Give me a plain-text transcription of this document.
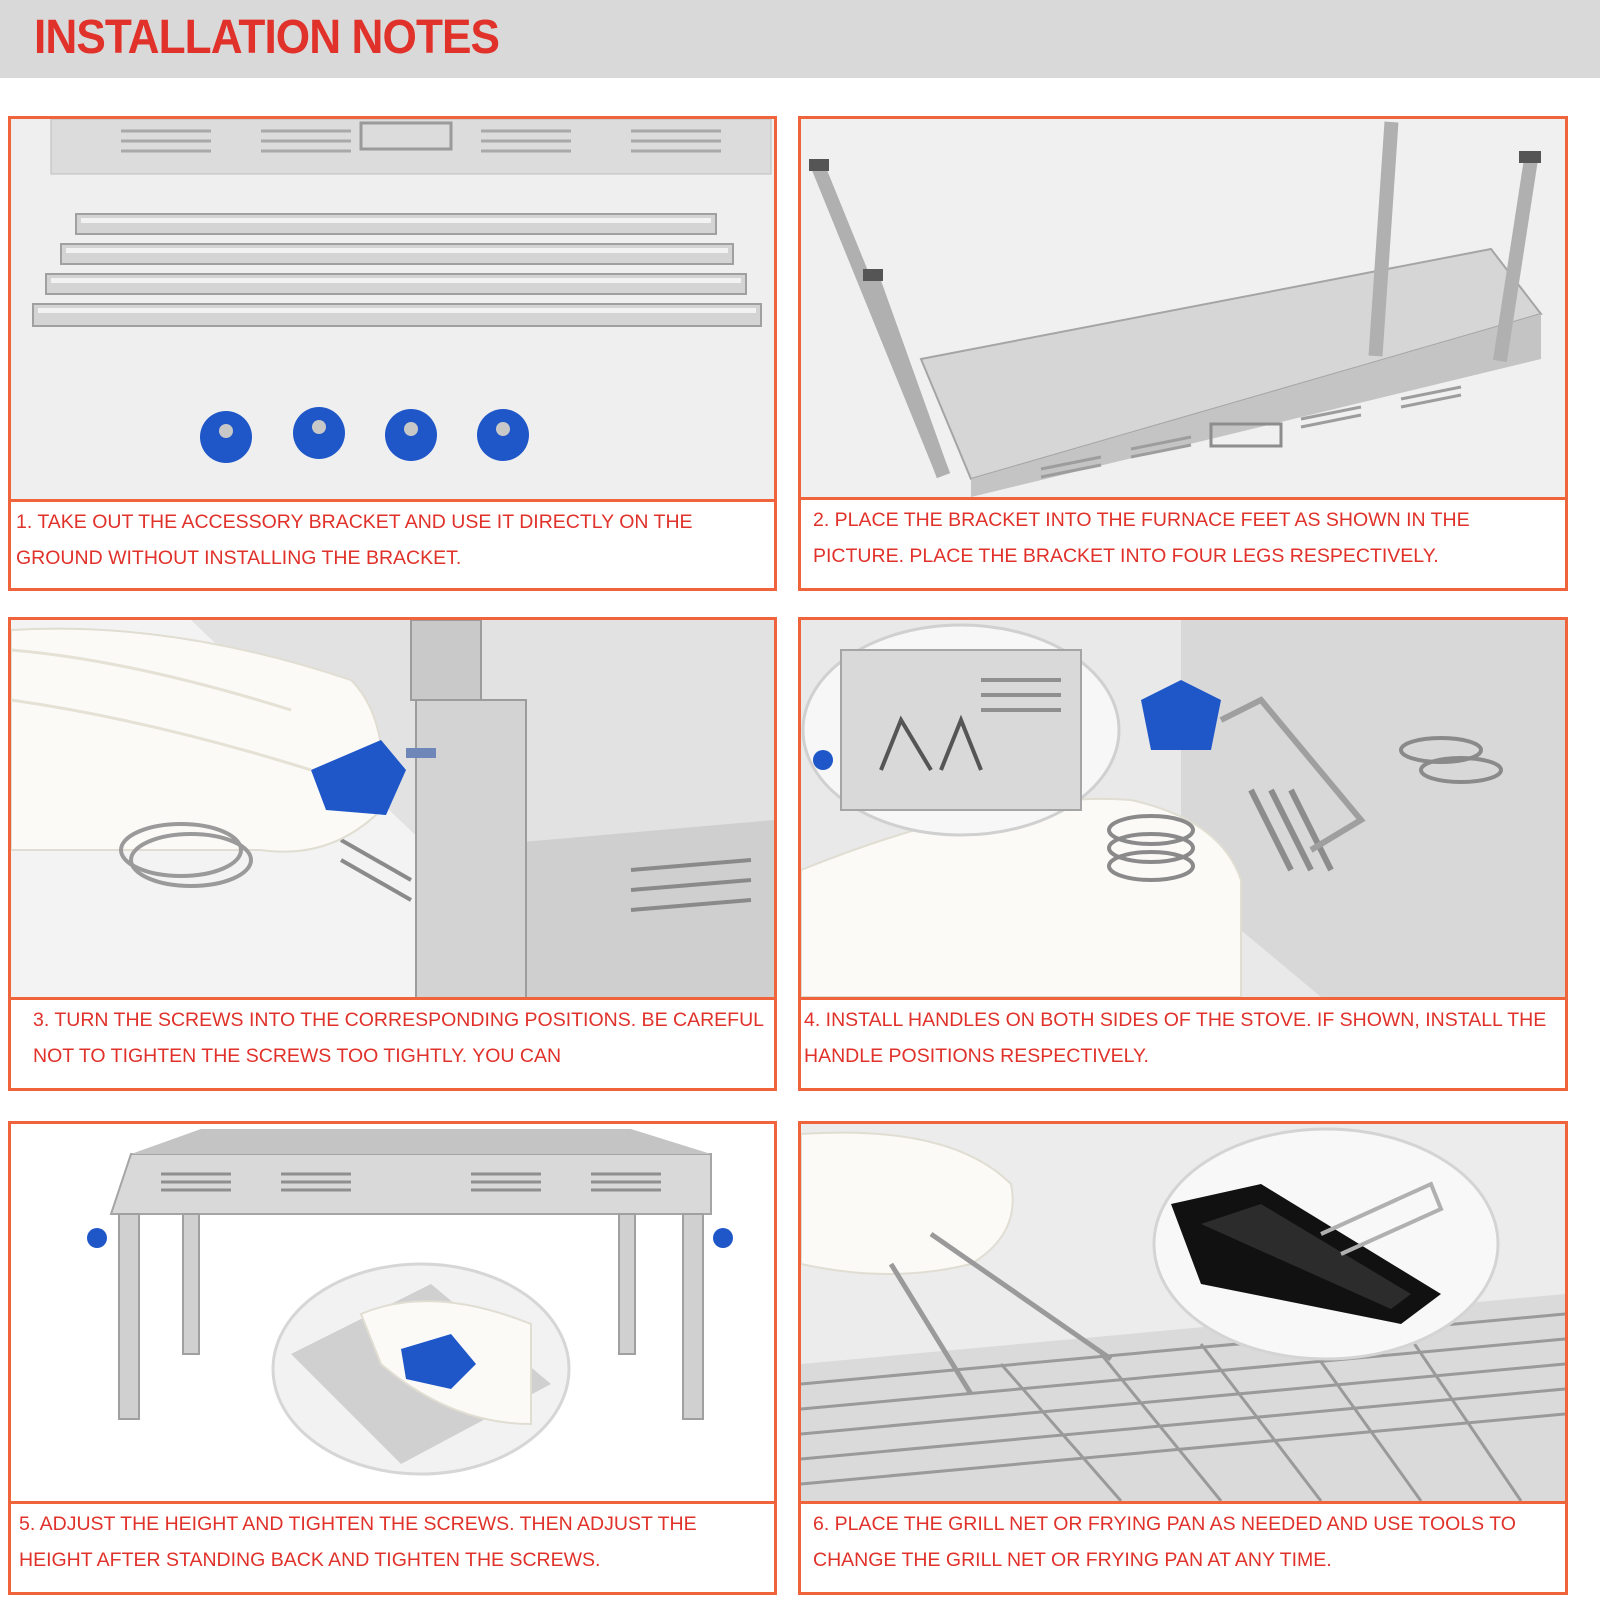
INSTALLATION NOTES
1. TAKE OUT THE ACCESSORY BRACKET AND USE IT DIRECTLY ON THE GROUND WITHOUT INSTALLING THE BRACKET.
2. PLACE THE BRACKET INTO THE FURNACE FEET AS SHOWN IN THE PICTURE. PLACE THE BRACKET INTO FOUR LEGS RESPECTIVELY.
3. TURN THE SCREWS INTO THE CORRESPONDING POSITIONS. BE CAREFUL NOT TO TIGHTEN THE SCREWS TOO TIGHTLY. YOU CAN
4. INSTALL HANDLES ON BOTH SIDES OF THE STOVE. IF SHOWN, INSTALL THE HANDLE POSITIONS RESPECTIVELY.
5. ADJUST THE HEIGHT AND TIGHTEN THE SCREWS. THEN ADJUST THE HEIGHT AFTER STANDING BACK AND TIGHTEN THE SCREWS.
6. PLACE THE GRILL NET OR FRYING PAN AS NEEDED AND USE TOOLS TO CHANGE THE GRILL NET OR FRYING PAN AT ANY TIME.
